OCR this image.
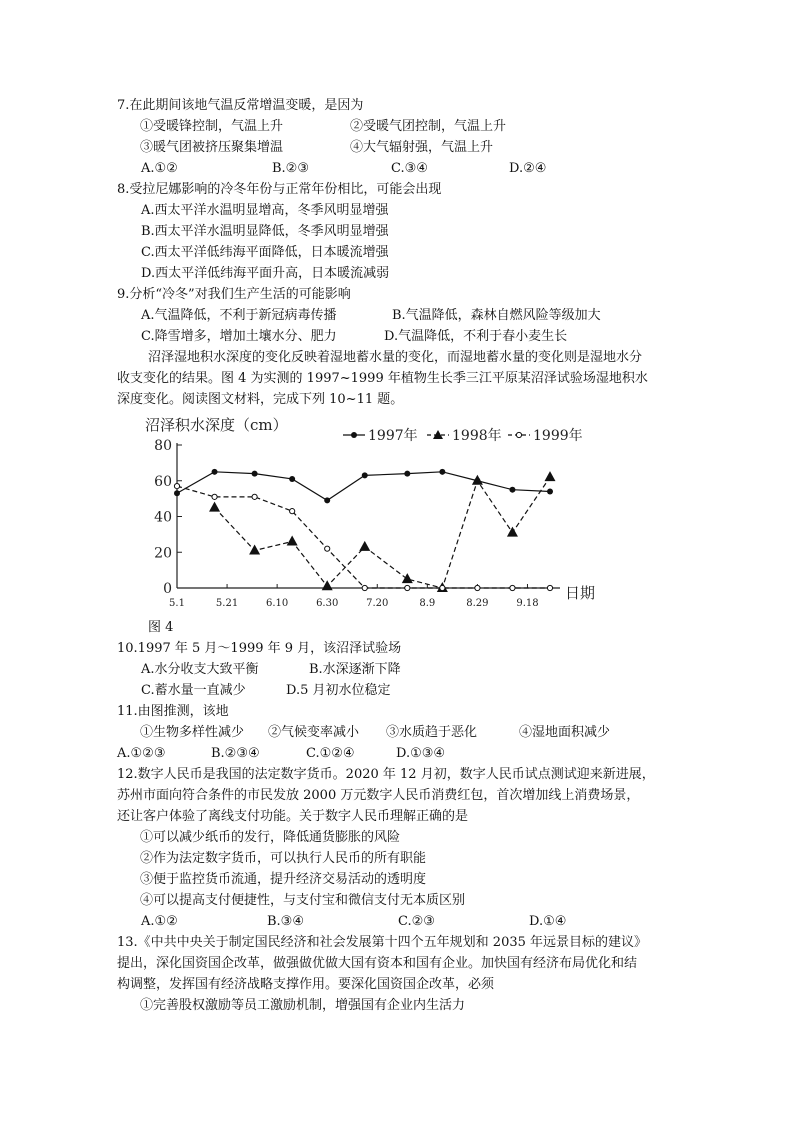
7.在此期间该地气温反常增温变暖，是因为
①受暖锋控制，气温上升	②受暖气团控制，气温上升
③暖气团被挤压聚集增温	④大气辐射强，气温上升
A.①②	B.②③	C.③④	D.②④
8.受拉尼娜影响的冷冬年份与正常年份相比，可能会出现
A.西太平洋水温明显增高，冬季风明显增强
B.西太平洋水温明显降低，冬季风明显增强
C.西太平洋低纬海平面降低，日本暖流增强
D.西太平洋低纬海平面升高，日本暖流减弱
9.分析“冷冬”对我们生产生活的可能影响
A.气温降低，不利于新冠病毒传播	B.气温降低，森林自燃风险等级加大
C.降雪增多，增加土壤水分、肥力	D.气温降低，不利于春小麦生长
沼泽湿地积水深度的变化反映着湿地蓄水量的变化，而湿地蓄水量的变化则是湿地水分
收支变化的结果。图 4 为实测的 1997~1999 年植物生长季三江平原某沼泽试验场湿地积水
深度变化。阅读图文材料，完成下列 10~11 题。
0
20
40
60
80
5.1	5.21	6.10	6.30	7.20	8.9	8.29	9.18
沼泽积水深度（cm）
日期
1997年 1998年 1999年
图 4
10.1997 年 5 月～1999 年 9 月，该沼泽试验场
A.水分收支大致平衡	B.水深逐渐下降
C.蓄水量一直减少	D.5 月初水位稳定
11.由图推测，该地
①生物多样性减少 ②气候变率减小 ③水质趋于恶化	④湿地面积减少
A.①②③	B.②③④	C.①②④	D.①③④
12.数字人民币是我国的法定数字货币。2020 年 12 月初，数字人民币试点测试迎来新进展，
苏州市面向符合条件的市民发放 2000 万元数字人民币消费红包，首次增加线上消费场景，
还让客户体验了离线支付功能。关于数字人民币理解正确的是
①可以减少纸币的发行，降低通货膨胀的风险
②作为法定数字货币，可以执行人民币的所有职能
③便于监控货币流通，提升经济交易活动的透明度
④可以提高支付便捷性，与支付宝和微信支付无本质区别
A.①②	B.③④	C.②③	D.①④
13.《中共中央关于制定国民经济和社会发展第十四个五年规划和 2035 年远景目标的建议》
提出，深化国资国企改革，做强做优做大国有资本和国有企业。加快国有经济布局优化和结
构调整，发挥国有经济战略支撑作用。要深化国资国企改革，必须
①完善股权激励等员工激励机制，增强国有企业内生活力
